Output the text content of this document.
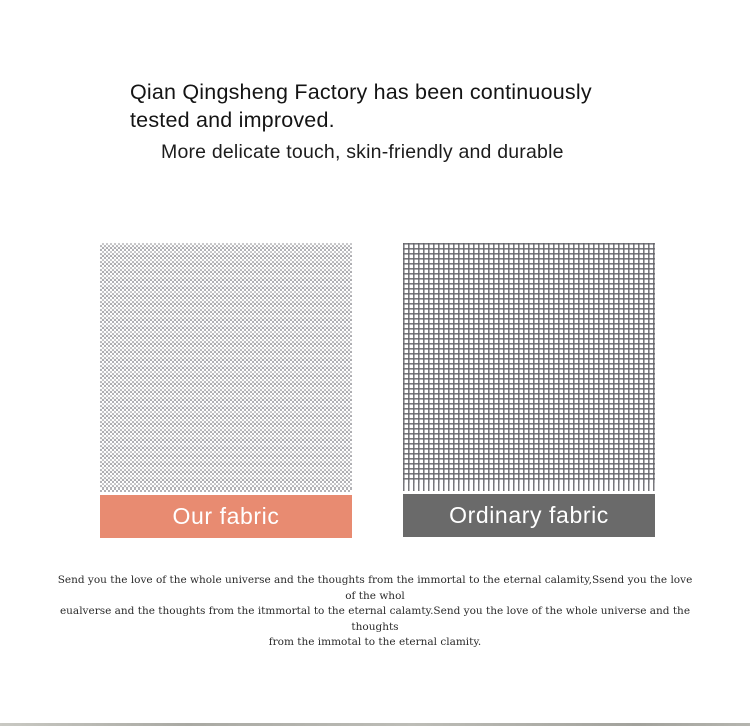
Qian Qingsheng Factory has been continuously
tested and improved.
More delicate touch, skin-friendly and durable
Our fabric	Ordinary fabric
Send you the love of the whole universe and the thoughts from the immortal to the eternal calamity,Ssend you the love of the whol
eualverse and the thoughts from the itmmortal to the eternal calamty.Send you the love of the whole universe and the thoughts
from the immotal to the eternal clamity.
